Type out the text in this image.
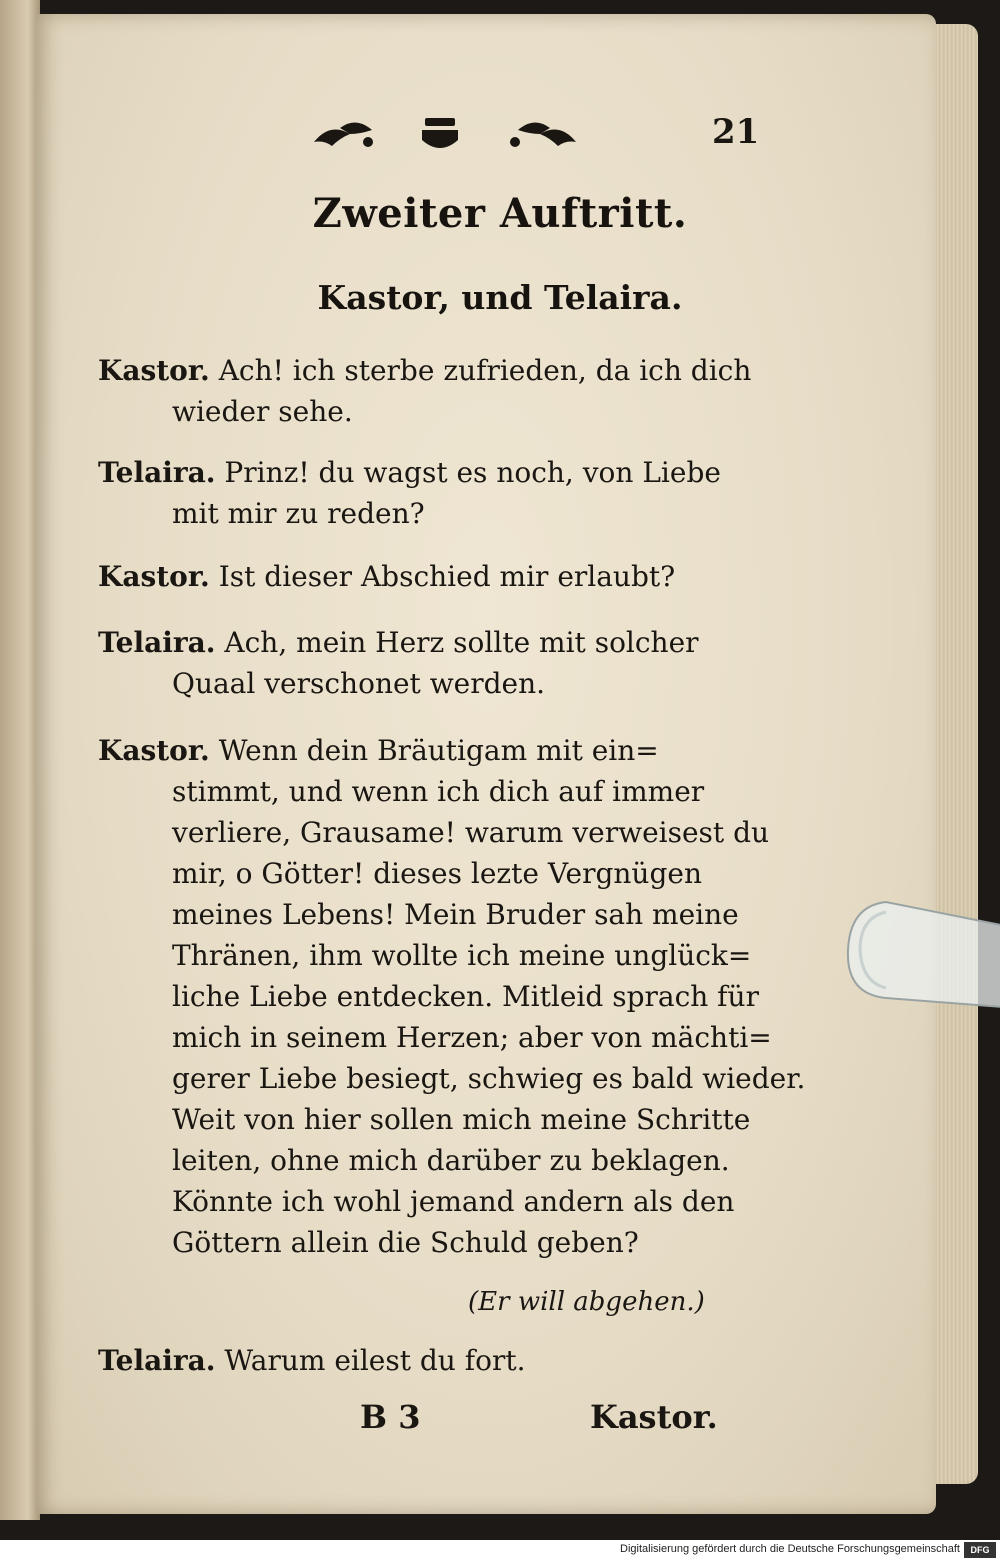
21
Zweiter Auftritt.
Kastor, und Telaira.
Kastor. Ach! ich sterbe zufrieden, da ich dich
wieder sehe.
Telaira. Prinz! du wagst es noch, von Liebe
mit mir zu reden?
Kastor. Ist dieser Abschied mir erlaubt?
Telaira. Ach, mein Herz sollte mit solcher
Quaal verschonet werden.
Kastor. Wenn dein Bräutigam mit ein=
stimmt, und wenn ich dich auf immer
verliere, Grausame! warum verweisest du
mir, o Götter! dieses lezte Vergnügen
meines Lebens! Mein Bruder sah meine
Thränen, ihm wollte ich meine unglück=
liche Liebe entdecken. Mitleid sprach für
mich in seinem Herzen; aber von mächti=
gerer Liebe besiegt, schwieg es bald wieder.
Weit von hier sollen mich meine Schritte
leiten, ohne mich darüber zu beklagen.
Könnte ich wohl jemand andern als den
Göttern allein die Schuld geben?
(Er will abgehen.)
Telaira. Warum eilest du fort.
B 3	Kastor.
Digitalisierung gefördert durch die Deutsche Forschungsgemeinschaft	DFG
